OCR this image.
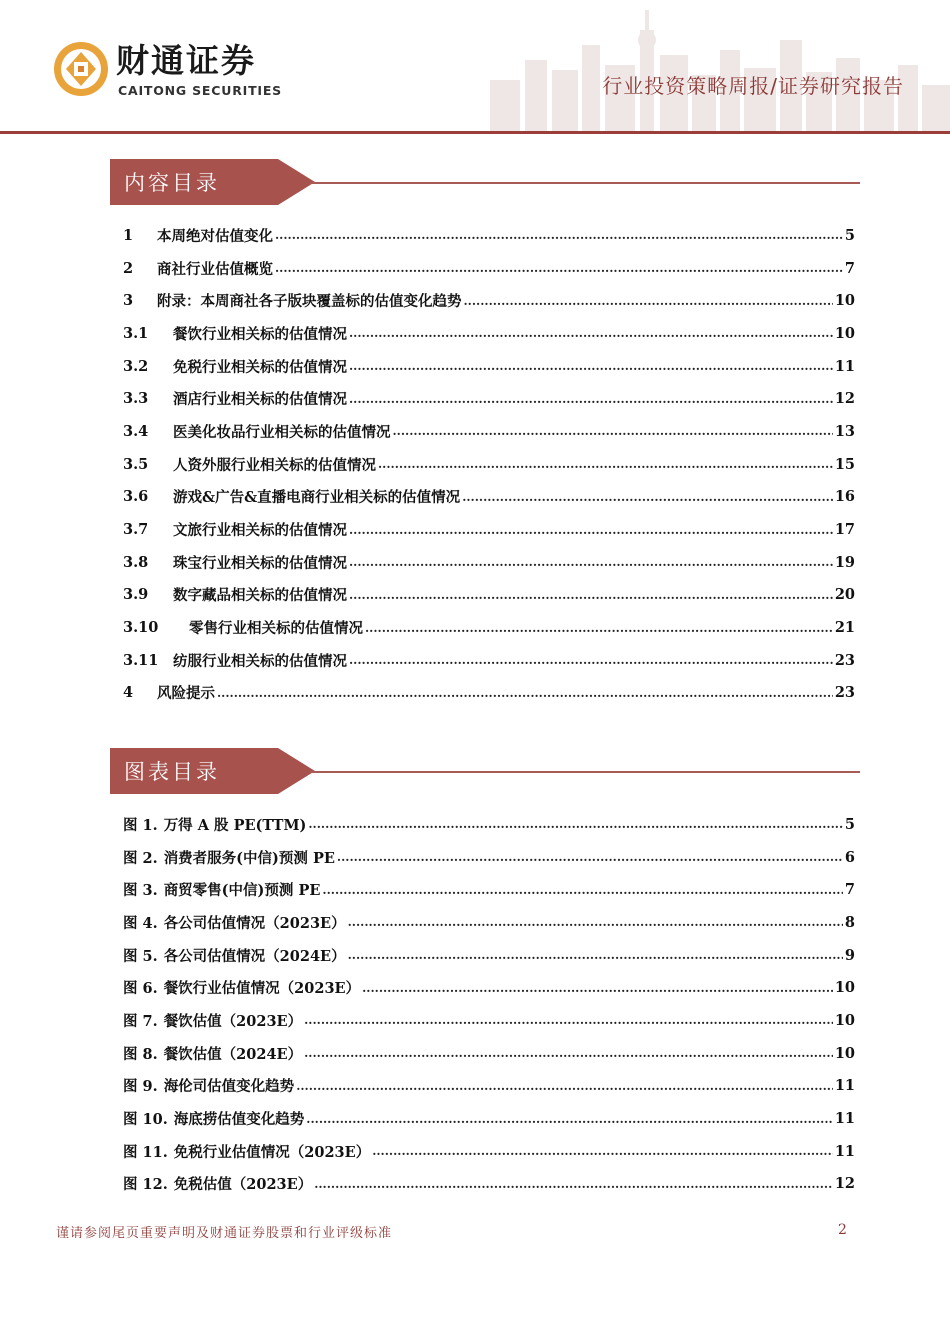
财通证券
CAITONG SECURITIES	行业投资策略周报/证券研究报告
内容目录
1	本周绝对估值变化 .....	5
2	商社行业估值概览 .....	7
3	附录：本周商社各子版块覆盖标的估值变化趋势 .....	10
3.1	餐饮行业相关标的估值情况 .....	10
3.2	免税行业相关标的估值情况 .....	11
3.3	酒店行业相关标的估值情况 .....	12
3.4	医美化妆品行业相关标的估值情况 .....	13
3.5	人资外服行业相关标的估值情况 .....	15
3.6	游戏&广告&直播电商行业相关标的估值情况 .....	16
3.7	文旅行业相关标的估值情况 .....	17
3.8	珠宝行业相关标的估值情况 .....	19
3.9	数字藏品相关标的估值情况 .....	20
3.10	零售行业相关标的估值情况 .....	21
3.11	纺服行业相关标的估值情况 .....	23
4	风险提示 .....	23
图表目录
图 1. 万得 A 股 PE(TTM) .....	5
图 2. 消费者服务(中信)预测 PE .....	6
图 3. 商贸零售(中信)预测 PE .....	7
图 4. 各公司估值情况（2023E） .....	8
图 5. 各公司估值情况（2024E） .....	9
图 6. 餐饮行业估值情况（2023E） .....	10
图 7. 餐饮估值（2023E） .....	10
图 8. 餐饮估值（2024E） .....	10
图 9. 海伦司估值变化趋势 .....	11
图 10. 海底捞估值变化趋势 .....	11
图 11. 免税行业估值情况（2023E） .....	11
图 12. 免税估值（2023E） .....	12
谨请参阅尾页重要声明及财通证券股票和行业评级标准	2
